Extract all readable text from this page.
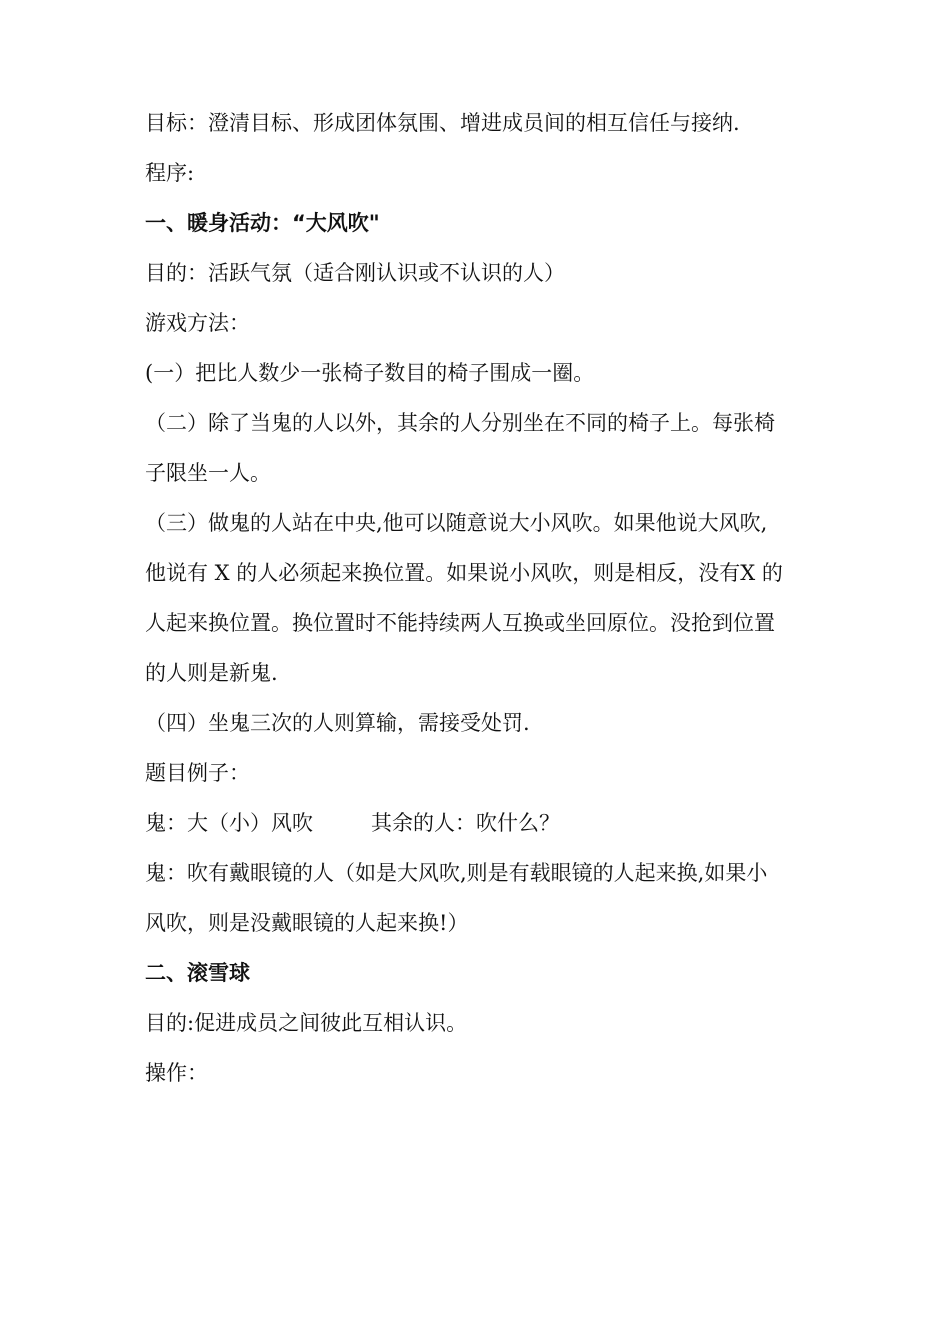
目标：澄清目标、形成团体氛围、增进成员间的相互信任与接纳.
程序:
一、暖身活动：“大风吹"
目的：活跃气氛（适合刚认识或不认识的人）
游戏方法：
(一）把比人数少一张椅子数目的椅子围成一圈。
（二）除了当鬼的人以外，其余的人分别坐在不同的椅子上。每张椅
子限坐一人。
（三）做鬼的人站在中央,他可以随意说大小风吹。如果他说大风吹,
他说有 X 的人必须起来换位置。如果说小风吹，则是相反，没有X 的
人起来换位置。换位置时不能持续两人互换或坐回原位。没抢到位置
的人则是新鬼.
（四）坐鬼三次的人则算输，需接受处罚.
题目例子：
鬼：大（小）风吹	其余的人：吹什么？
鬼：吹有戴眼镜的人（如是大风吹,则是有载眼镜的人起来换,如果小
风吹，则是没戴眼镜的人起来换!）
二、滚雪球
目的:促进成员之间彼此互相认识。
操作：
